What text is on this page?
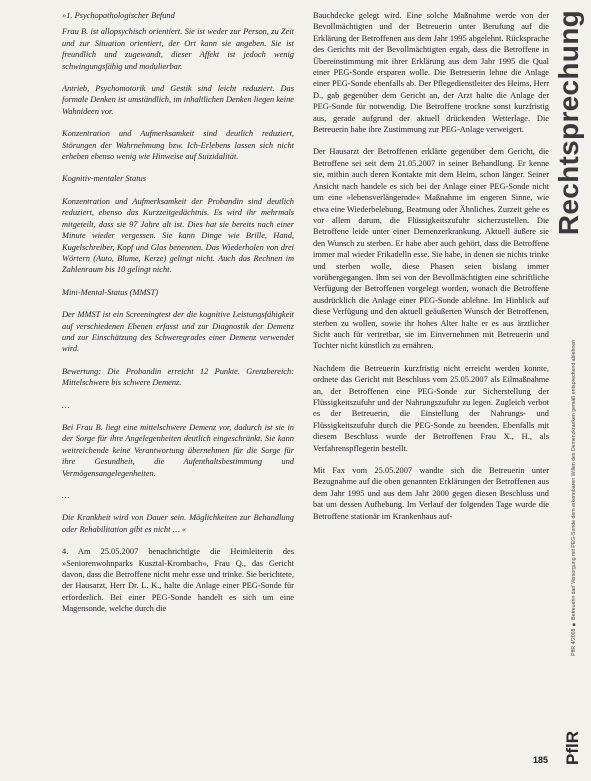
»1. Psychopathologischer Befund

Frau B. ist allopsychisch orientiert. Sie ist weder zur Person, zu Zeit und zur Situation orientiert, der Ort kann sie angeben. Sie ist freundlich und zugewandt, dieser Affekt ist jedoch wenig schwingungsfähig und modulierbar.

Antrieb, Psychomotorik und Gestik sind leicht reduziert. Das formale Denken ist umständlich, im inhaltlichen Denken liegen keine Wahnideen vor.

Konzentration und Aufmerksamkeit sind deutlich reduziert, Störungen der Wahrnehmung bzw. Ich-Erlebens lassen sich nicht erheben ebenso wenig wie Hinweise auf Suizidalität.

Kognitiv-mentaler Status

Konzentration und Aufmerksamkeit der Probandin sind deutlich reduziert, ebenso das Kurzzeitgedächtnis. Es wird ihr mehrmals mitgeteilt, dass sie 97 Jahre alt ist. Dies hat sie bereits nach einer Minute wieder vergessen. Sie kann Dinge wie Brille, Hand, Kugelschreiber, Kopf und Glas benennen. Das Wiederholen von drei Wörtern (Auto, Blume, Kerze) gelingt nicht. Auch das Rechnen im Zahlenraum bis 10 gelingt nicht.

Mini-Mental-Status (MMST)

Der MMST ist ein Screeningtest der die kognitive Leistungsfähigkeit auf verschiedenen Ebenen erfasst und zur Diagnostik der Demenz und zur Einschätzung des Schweregrades einer Demenz verwendet wird.

Bewertung: Die Probandin erreicht 12 Punkte. Grenzbereich: Mittelschwere bis schwere Demenz.

…

Bei Frau B. liegt eine mittelschwere Demenz vor, dadurch ist sie in der Sorge für ihre Angelegenheiten deutlich eingeschränkt. Sie kann weitreichende keine Verantwortung übernehmen für die Sorge für ihre Gesundheit, die Aufenthaltsbestimmung und Vermögensangelegenheiten.

…

Die Krankheit wird von Dauer sein. Möglichkeiten zur Behandlung oder Rehabilitation gibt es nicht … «

4. Am 25.05.2007 benachrichtigte die Heimleiterin des »Seniorenwohnparks Kusztal-Krombach«, Frau Q., das Gericht davon, dass die Betroffene nicht mehr esse und trinke. Sie berichtete, der Hausarzt, Herr Dr. L. K., halte die Anlage einer PEG-Sonde für erforderlich. Bei einer PEG-Sonde handelt es sich um eine Magensonde, welche durch die

Bauchdecke gelegt wird. Eine solche Maßnahme werde von der Bevollmächtigten und der Betreuerin unter Berufung auf die Erklärung der Betroffenen aus dem Jahr 1995 abgelehnt. Rücksprache des Gerichts mit der Bevollmächtigten ergab, dass die Betroffene in Übereinstimmung mit ihrer Erklärung aus dem Jahr 1995 die Qual einer PEG-Sonde ersparen wolle. Die Betreuerin lehne die Anlage einer PEG-Sonde ebenfalls ab. Der Pflegedienstleiter des Heims, Herr D., gab gegenüber dem Gericht an, der Arzt halte die Anlage der PEG-Sonde für notwendig. Die Betroffene trockne sonst kurzfristig aus, gerade aufgrund der aktuell drückenden Wetterlage. Die Betreuerin habe ihre Zustimmung zur PEG-Anlage verweigert.

Der Hausarzt der Betroffenen erklärte gegenüber dem Gericht, die Betroffene sei seit dem 21.05.2007 in seiner Behandlung. Er kenne sie, mithin auch deren Kontakte mit dem Heim, schon länger. Seiner Ansicht nach handele es sich bei der Anlage einer PEG-Sonde nicht um eine »lebensverlängernde« Maßnahme im engeren Sinne, wie etwa eine Wiederbelebung, Beatmung oder Ähnliches. Zurzeit gehe es vor allem darum, die Flüssigkeitszufuhr sicherzustellen. Die Betroffene leide unter einer Demenzerkrankung. Aktuell äußere sie den Wunsch zu sterben. Er habe aber auch gehört, dass die Betroffene immer mal wieder Frikadelln esse. Sie habe, in denen sie nichts trinke und sterben wolle, diese Phasen seien bislang immer vorübergegangen. Ihm sei von der Bevollmächtigten eine schriftliche Verfügung der Betroffenen vorgelegt worden, wonach die Betroffene ausdrücklich die Anlage einer PEG-Sonde ablehne. Im Hinblick auf diese Verfügung und den aktuell geäußerten Wunsch der Betroffenen, sterben zu wollen, sowie ihr hohes Alter halte er es aus ärztlicher Sicht auch für vertretbar, sie im Einvernehmen mit Betreuerin und Tochter nicht künstlich zu ernähren.

Nachdem die Betreuerin kurzfristig nicht erreicht werden konnte, ordnete das Gericht mit Beschluss vom 25.05.2007 als Eilmaßnahme an, der Betroffenen eine PEG-Sonde zur Sicherstellung der Flüssigkeitszufuhr und der Nahrungszufuhr zu legen. Zugleich verbot es der Betreuerin, die Einstellung der Nahrungs- und Flüssigkeitszufuhr durch die PEG-Sonde zu beenden. Ebenfalls mit diesem Beschluss wurde der Betroffenen Frau X., H., als Verfahrenspflegerin bestellt.

Mit Fax vom 25.05.2007 wandte sich die Betreuerin unter Bezugnahme auf die oben genannten Erklärungen der Betroffenen aus dem Jahr 1995 und aus dem Jahr 2000 gegen diesen Beschluss und bat um dessen Aufhebung. Im Verlauf der folgenden Tage wurde die Betroffene stationär im Krankenhaus auf-

Rechtsprechung
PflR 4/2008 ■ Betreuerin darf Versorgung mit PEG-Sonde dem erkennbaren Willen des Demenzkranken gemäß entsprechend ablehnen
PflR
185
